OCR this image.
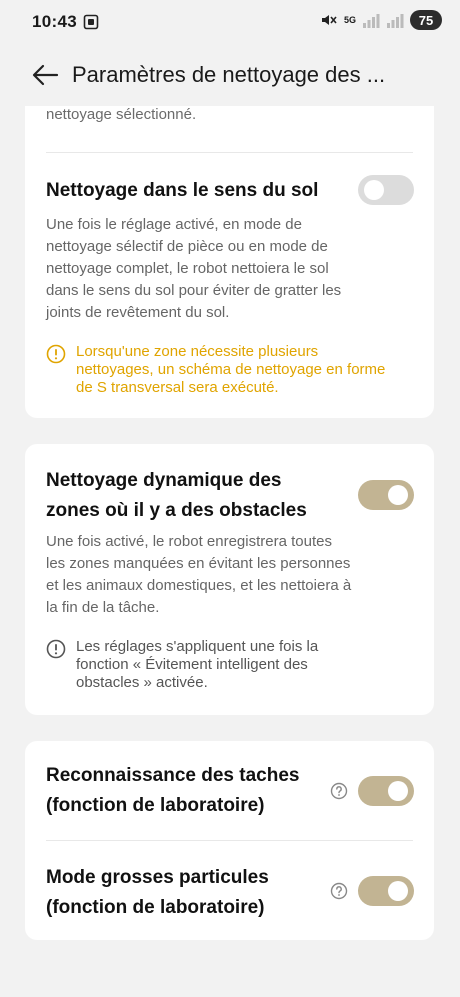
10:43	5G	75
Paramètres de nettoyage des ...
nettoyage sélectionné.
Nettoyage dans le sens du sol
Une fois le réglage activé, en mode de
nettoyage sélectif de pièce ou en mode de
nettoyage complet, le robot nettoiera le sol
dans le sens du sol pour éviter de gratter les
joints de revêtement du sol.
Lorsqu'une zone nécessite plusieurs
nettoyages, un schéma de nettoyage en forme
de S transversal sera exécuté.
Nettoyage dynamique des
zones où il y a des obstacles
Une fois activé, le robot enregistrera toutes
les zones manquées en évitant les personnes
et les animaux domestiques, et les nettoiera à
la fin de la tâche.
Les réglages s'appliquent une fois la
fonction « Évitement intelligent des
obstacles » activée.
Reconnaissance des taches
(fonction de laboratoire)
Mode grosses particules
(fonction de laboratoire)
